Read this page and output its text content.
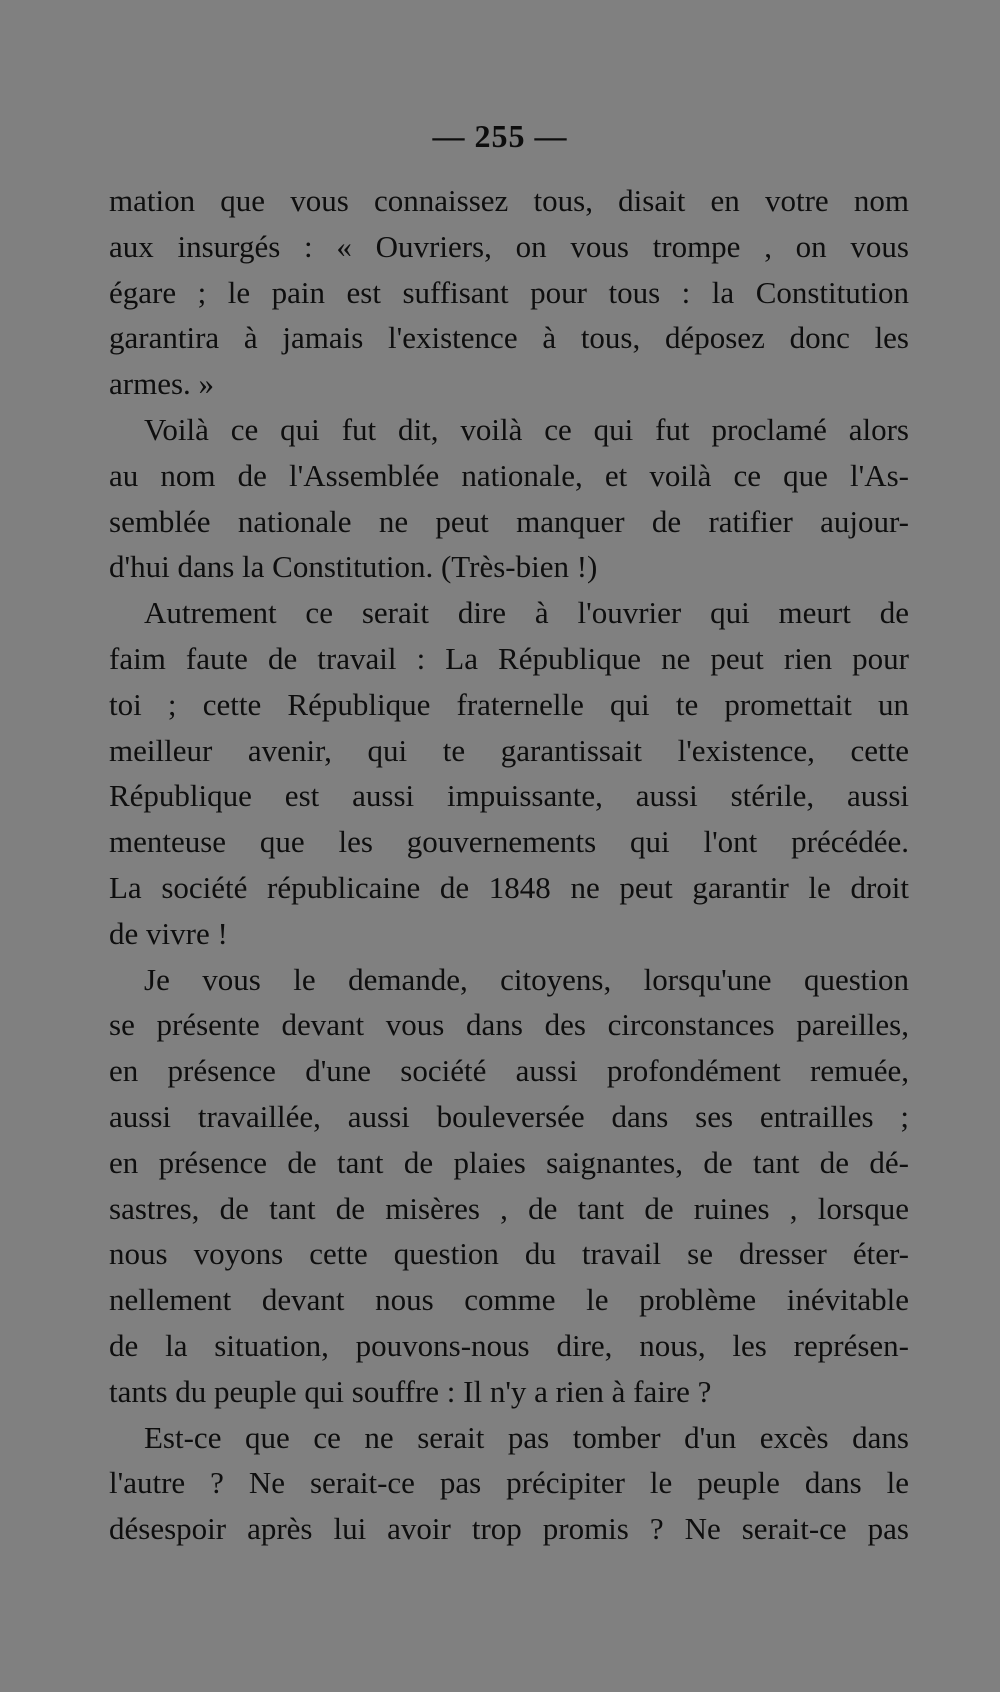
— 255 —
mation que vous connaissez tous, disait en votre nom
aux insurgés : « Ouvriers, on vous trompe , on vous
égare ; le pain est suffisant pour tous : la Constitution
garantira à jamais l'existence à tous, déposez donc les
armes. »
Voilà ce qui fut dit, voilà ce qui fut proclamé alors
au nom de l'Assemblée nationale, et voilà ce que l'As-
semblée nationale ne peut manquer de ratifier aujour-
d'hui dans la Constitution. (Très-bien !)
Autrement ce serait dire à l'ouvrier qui meurt de
faim faute de travail : La République ne peut rien pour
toi ; cette République fraternelle qui te promettait un
meilleur avenir, qui te garantissait l'existence, cette
République est aussi impuissante, aussi stérile, aussi
menteuse que les gouvernements qui l'ont précédée.
La société républicaine de 1848 ne peut garantir le droit
de vivre !
Je vous le demande, citoyens, lorsqu'une question
se présente devant vous dans des circonstances pareilles,
en présence d'une société aussi profondément remuée,
aussi travaillée, aussi bouleversée dans ses entrailles ;
en présence de tant de plaies saignantes, de tant de dé-
sastres, de tant de misères , de tant de ruines , lorsque
nous voyons cette question du travail se dresser éter-
nellement devant nous comme le problème inévitable
de la situation, pouvons-nous dire, nous, les représen-
tants du peuple qui souffre : Il n'y a rien à faire ?
Est-ce que ce ne serait pas tomber d'un excès dans
l'autre ? Ne serait-ce pas précipiter le peuple dans le
désespoir après lui avoir trop promis ? Ne serait-ce pas
